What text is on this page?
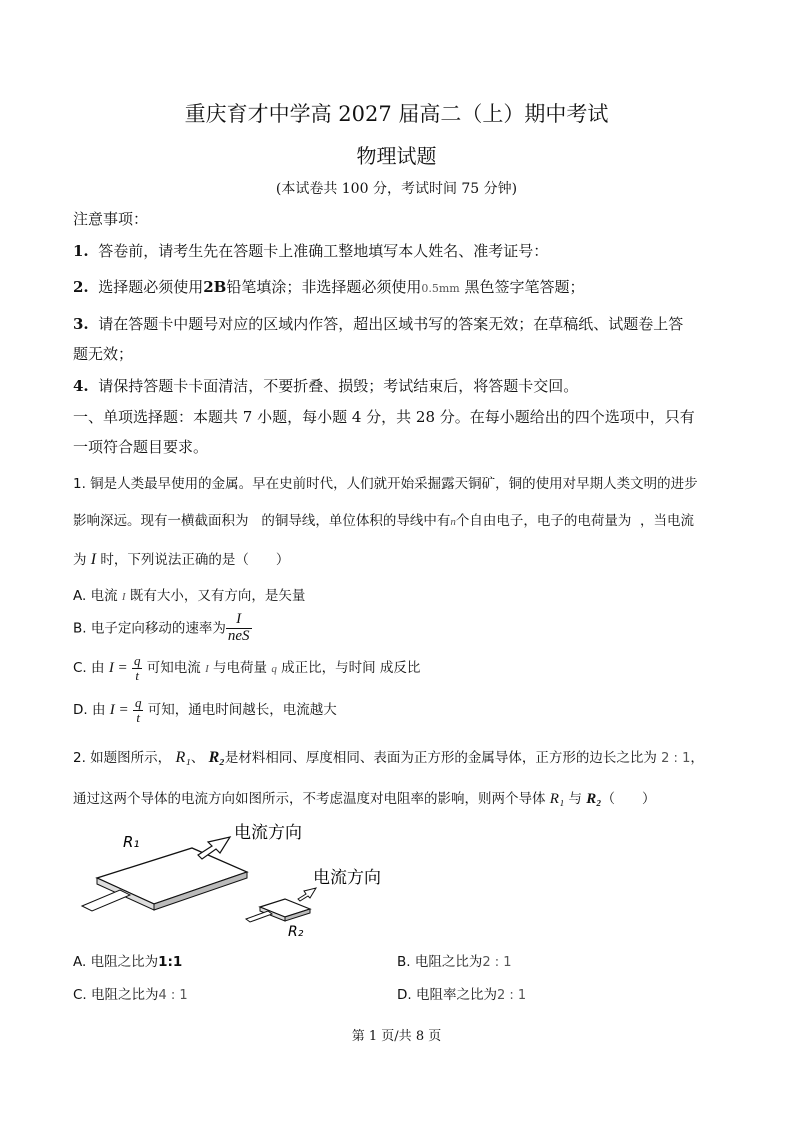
重庆育才中学高 2027 届高二（上）期中考试
物理试题
(本试卷共 100 分，考试时间 75 分钟)
注意事项：
1. 答卷前，请考生先在答题卡上准确工整地填写本人姓名、准考证号：
2. 选择题必须使用2B铅笔填涂；非选择题必须使用0.5mm 黑色签字笔答题；
3. 请在答题卡中题号对应的区域内作答，超出区域书写的答案无效；在草稿纸、试题卷上答
题无效；
4. 请保持答题卡卡面清洁，不要折叠、损毁；考试结束后，将答题卡交回。
一、单项选择题：本题共 7 小题，每小题 4 分，共 28 分。在每小题给出的四个选项中，只有
一项符合题目要求。
1. 铜是人类最早使用的金属。早在史前时代，人们就开始采掘露天铜矿，铜的使用对早期人类文明的进步
影响深远。现有一横截面积为 的铜导线，单位体积的导线中有n个自由电子，电子的电荷量为 ，当电流
为 I 时，下列说法正确的是（　　）
A. 电流 I 既有大小，又有方向，是矢量
B. 电子定向移动的速率为 $\frac{I}{\text{neS}}$
C. 由 $I = \frac{q}{t}$ 可知电流 I 与电荷量 q 成正比，与时间 成反比
D. 由 $I = \frac{q}{t}$ 可知，通电时间越长，电流越大
2. 如题图所示， R₁、 R₂是材料相同、厚度相同、表面为正方形的金属导体，正方形的边长之比为 2 : 1，
通过这两个导体的电流方向如图所示，不考虑温度对电阻率的影响，则两个导体 R₁ 与 R₂（　　）
R₁	电流方向
R₂
电流方向
A. 电阻之比为1:1	B. 电阻之比为2 : 1
C. 电阻之比为4 : 1	D. 电阻率之比为2 : 1
第 1 页/共 8 页
